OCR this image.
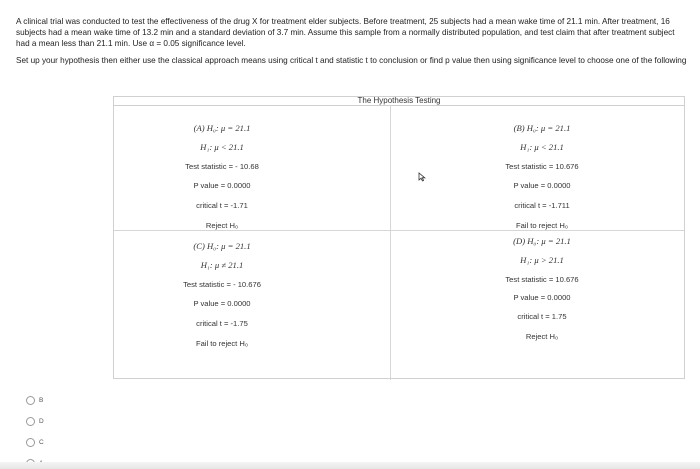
A clinical trial was conducted to test the effectiveness of the drug X for treatment elder subjects. Before treatment, 25 subjects had a mean wake time of 21.1 min. After treatment, 16 subjects had a mean wake time of 13.2 min and a standard deviation of 3.7 min. Assume this sample from a normally distributed population, and test claim that after treatment subject had a mean less than 21.1 min. Use α = 0.05 significance level.
Set up your hypothesis then either use the classical approach means using critical t and statistic t to conclusion or find p value then using significance level to choose one of the following
The Hypothesis Testing
(A) H₀: μ = 21.1
H₁: μ < 21.1
Test statistic = - 10.68
P value = 0.0000
critical t = -1.71
Reject H₀
(B) H₀: μ = 21.1
H₁: μ < 21.1
Test statistic = 10.676
P value = 0.0000
critical t = -1.711
Fail to reject H₀
(C) H₀: μ = 21.1
H₁: μ ≠ 21.1
Test statistic = - 10.676
P value = 0.0000
critical t = -1.75
Fail to reject H₀
(D) H₀: μ = 21.1
H₁: μ > 21.1
Test statistic = 10.676
P value = 0.0000
critical t = 1.75
Reject H₀
B
D
C
